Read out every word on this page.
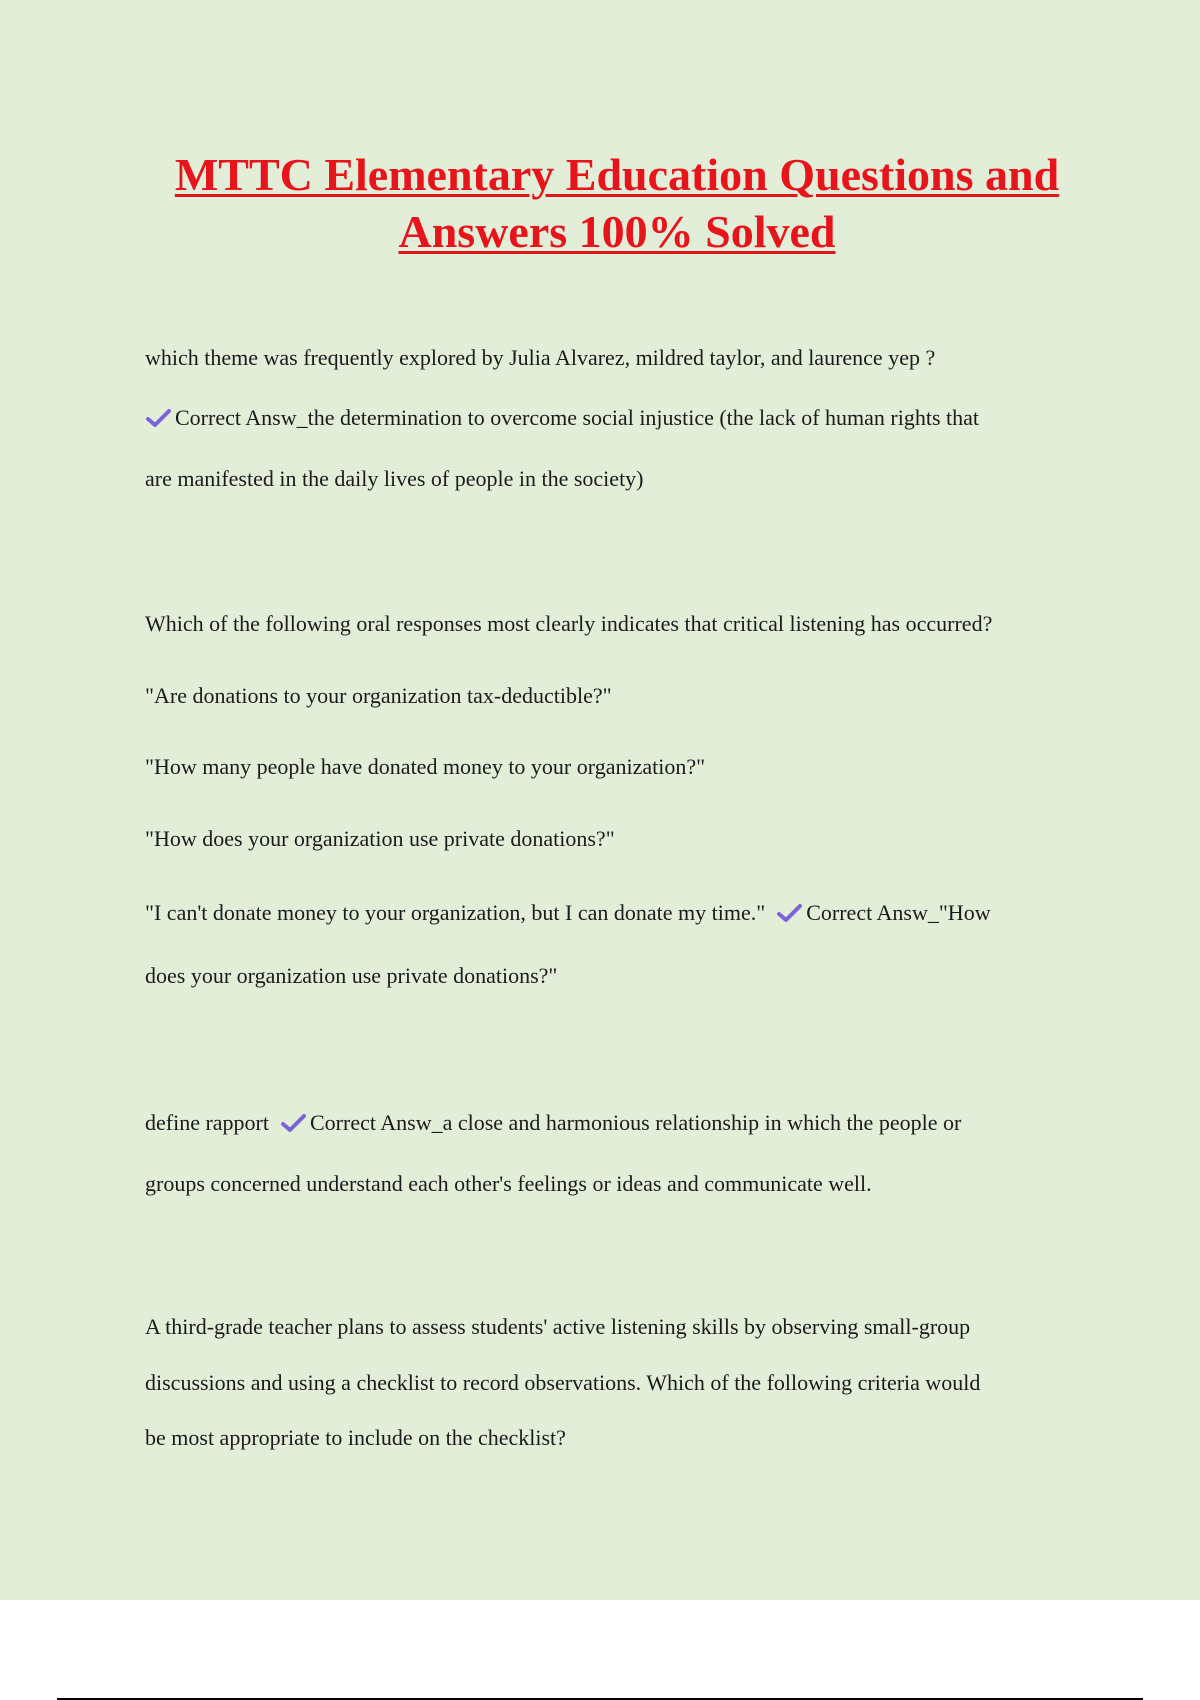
MTTC Elementary Education Questions and
Answers 100% Solved
which theme was frequently explored by Julia Alvarez, mildred taylor, and laurence yep ?
Correct Answ_the determination to overcome social injustice (the lack of human rights that
are manifested in the daily lives of people in the society)
Which of the following oral responses most clearly indicates that critical listening has occurred?
"Are donations to your organization tax-deductible?"
"How many people have donated money to your organization?"
"How does your organization use private donations?"
"I can't donate money to your organization, but I can donate my time." Correct Answ_"How
does your organization use private donations?"
define rapport Correct Answ_a close and harmonious relationship in which the people or
groups concerned understand each other's feelings or ideas and communicate well.
A third-grade teacher plans to assess students' active listening skills by observing small-group
discussions and using a checklist to record observations. Which of the following criteria would
be most appropriate to include on the checklist?
